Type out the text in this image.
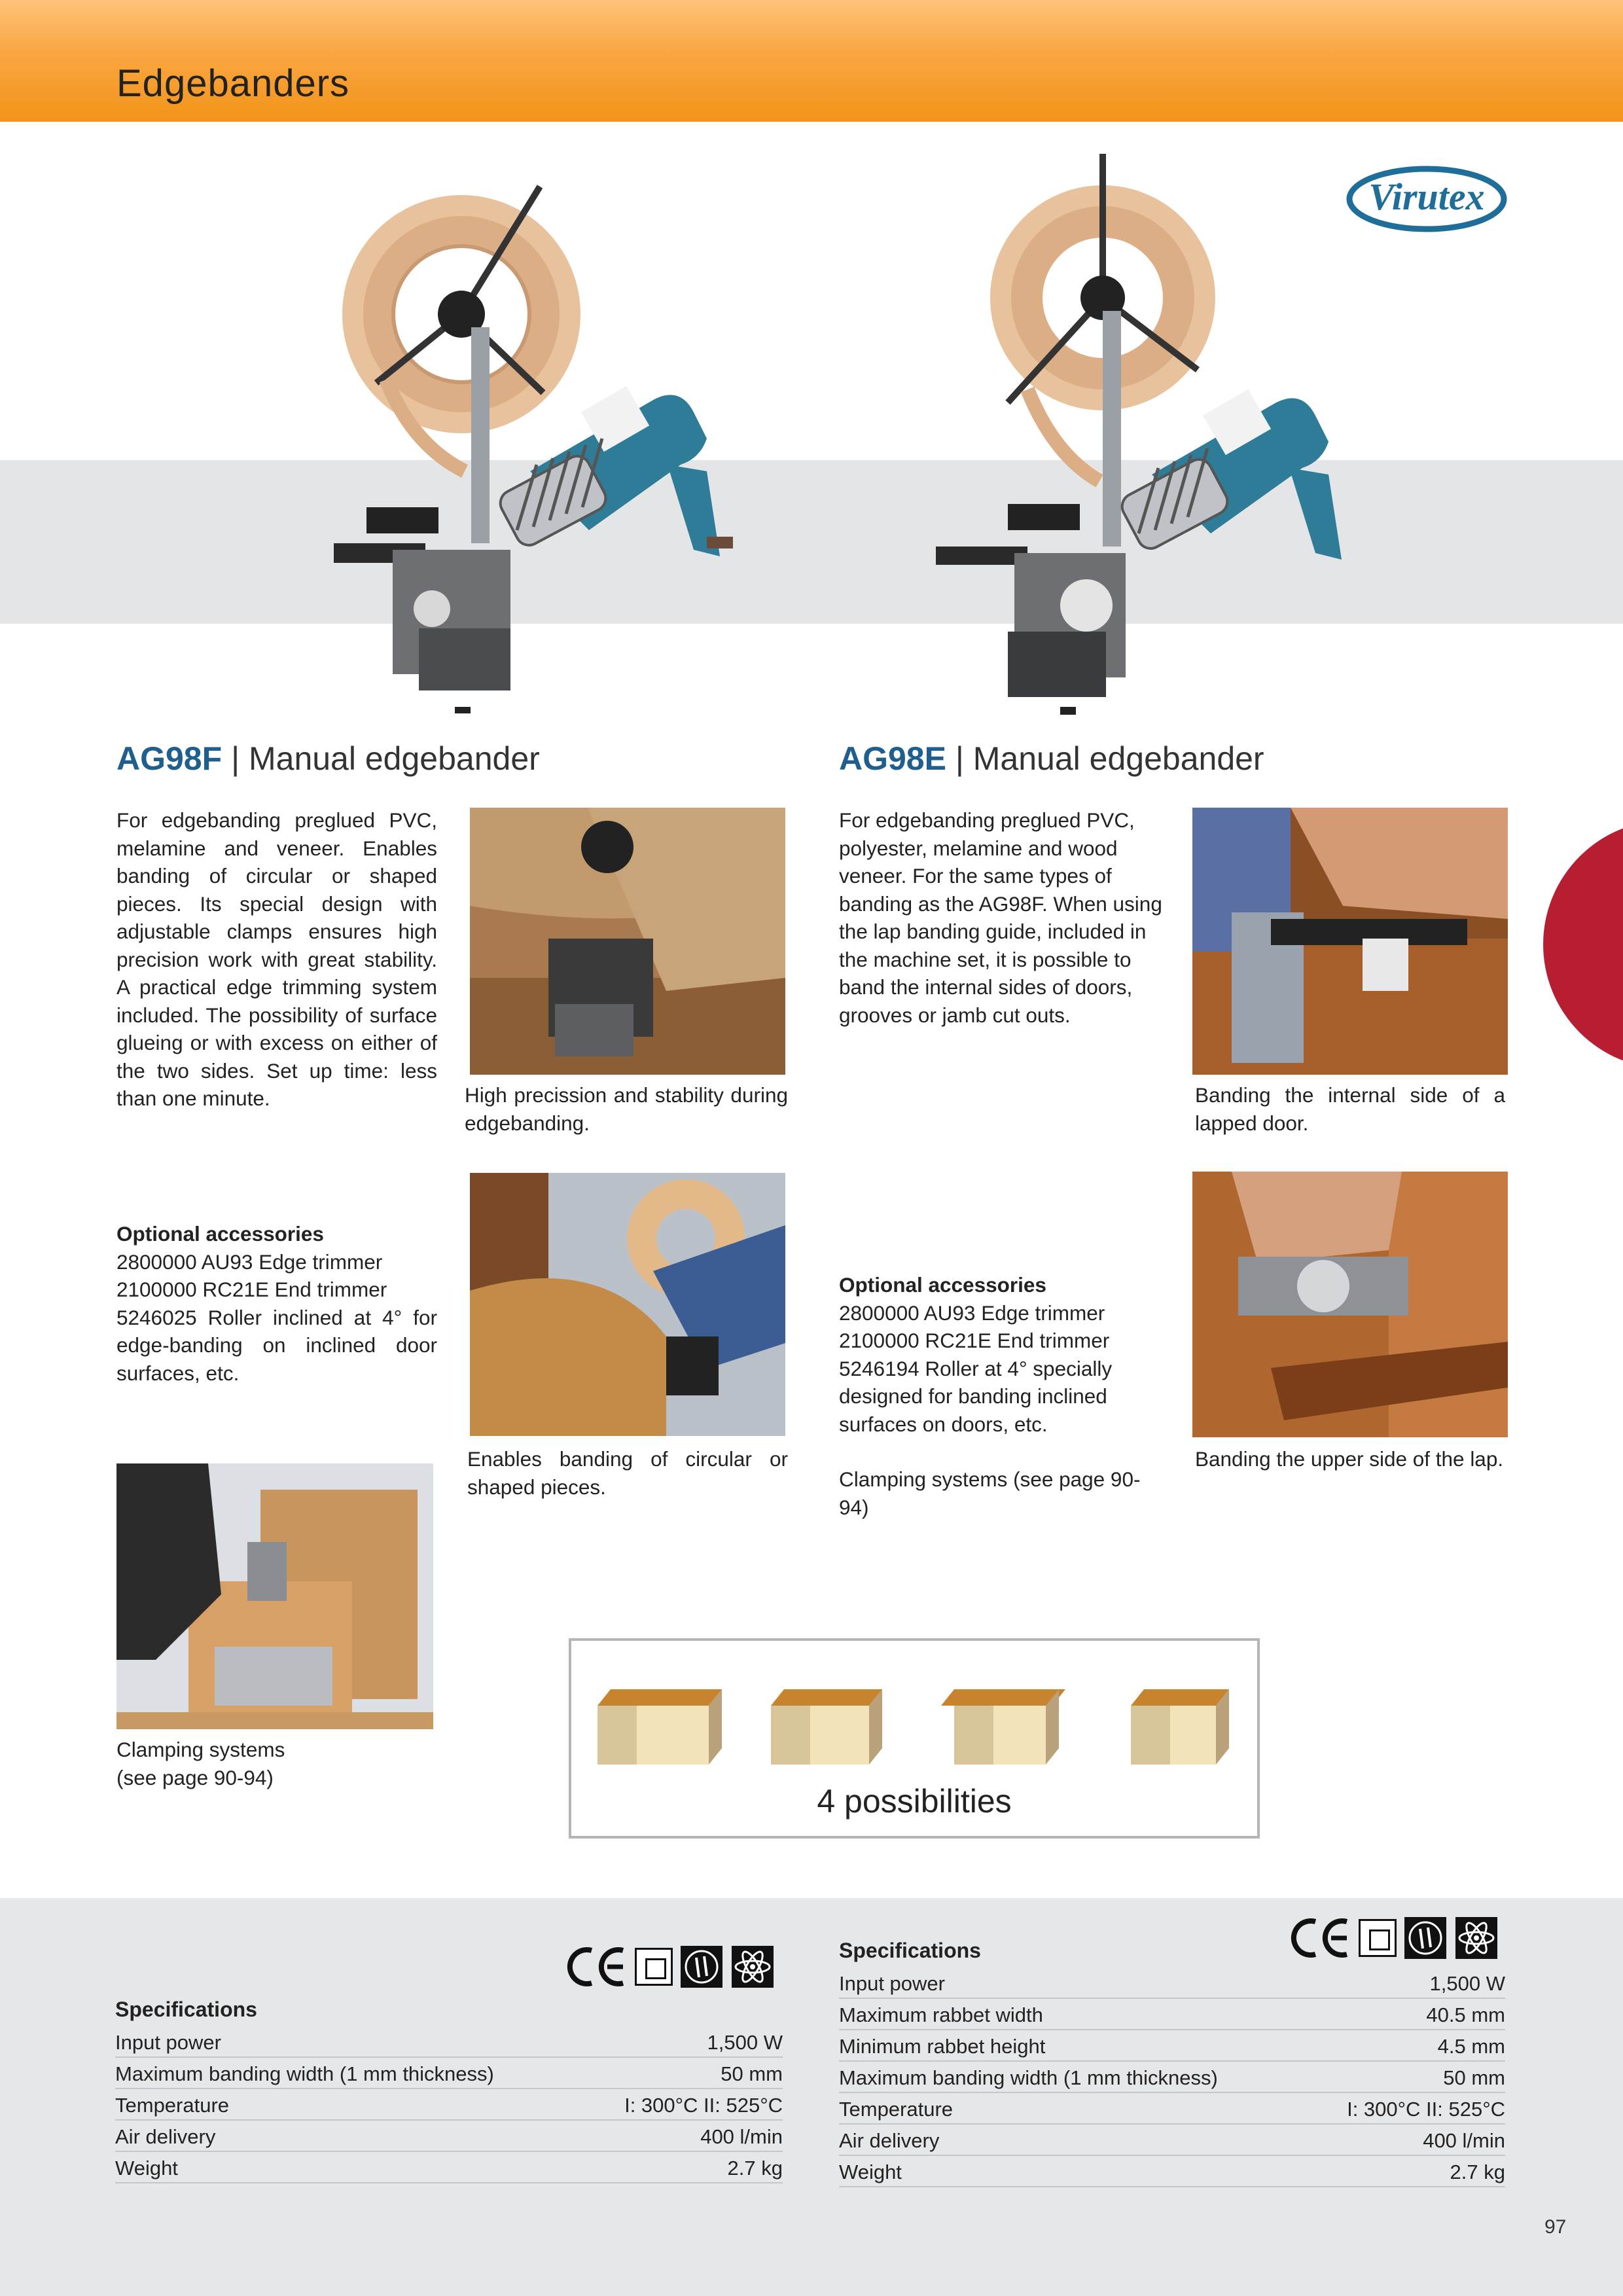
Edgebanders
Virutex
AG98F | Manual edgebander
For edgebanding preglued PVC, melamine and veneer. Enables banding of circular or shaped pieces. Its special design with adjustable clamps ensures high precision work with great stability. A practical edge trimming system included. The possibility of surface glueing or with excess on either of the two sides. Set up time: less than one minute.	High precission and stability during edgebanding.
Enables banding of circular or shaped pieces.
Optional accessories
2800000 AU93 Edge trimmer
2100000 RC21E End trimmer
5246025 Roller inclined at 4° for edge-banding on inclined door surfaces, etc.
Clamping systems
(see page 90-94)
AG98E | Manual edgebander
For edgebanding preglued PVC, polyester, melamine and wood veneer. For the same types of banding as the AG98F. When using the lap banding guide, included in the machine set, it is possible to band the internal sides of doors, grooves or jamb cut outs.
Banding the internal side of a lapped door.
Banding the upper side of the lap.
Optional accessories
2800000 AU93 Edge trimmer
2100000 RC21E End trimmer
5246194 Roller at 4° specially designed for banding inclined surfaces on doors, etc.
Clamping systems (see page 90-94)
4 possibilities
Specifications
Input power	1,500 W
Maximum banding width (1 mm thickness)	50 mm
Temperature	I: 300°C II: 525°C
Air delivery	400 l/min
Weight	2.7 kg
Specifications
Input power	1,500 W
Maximum rabbet width	40.5 mm
Minimum rabbet height	4.5 mm
Maximum banding width (1 mm thickness)	50 mm
Temperature	I: 300°C II: 525°C
Air delivery	400 l/min
Weight	2.7 kg
97
